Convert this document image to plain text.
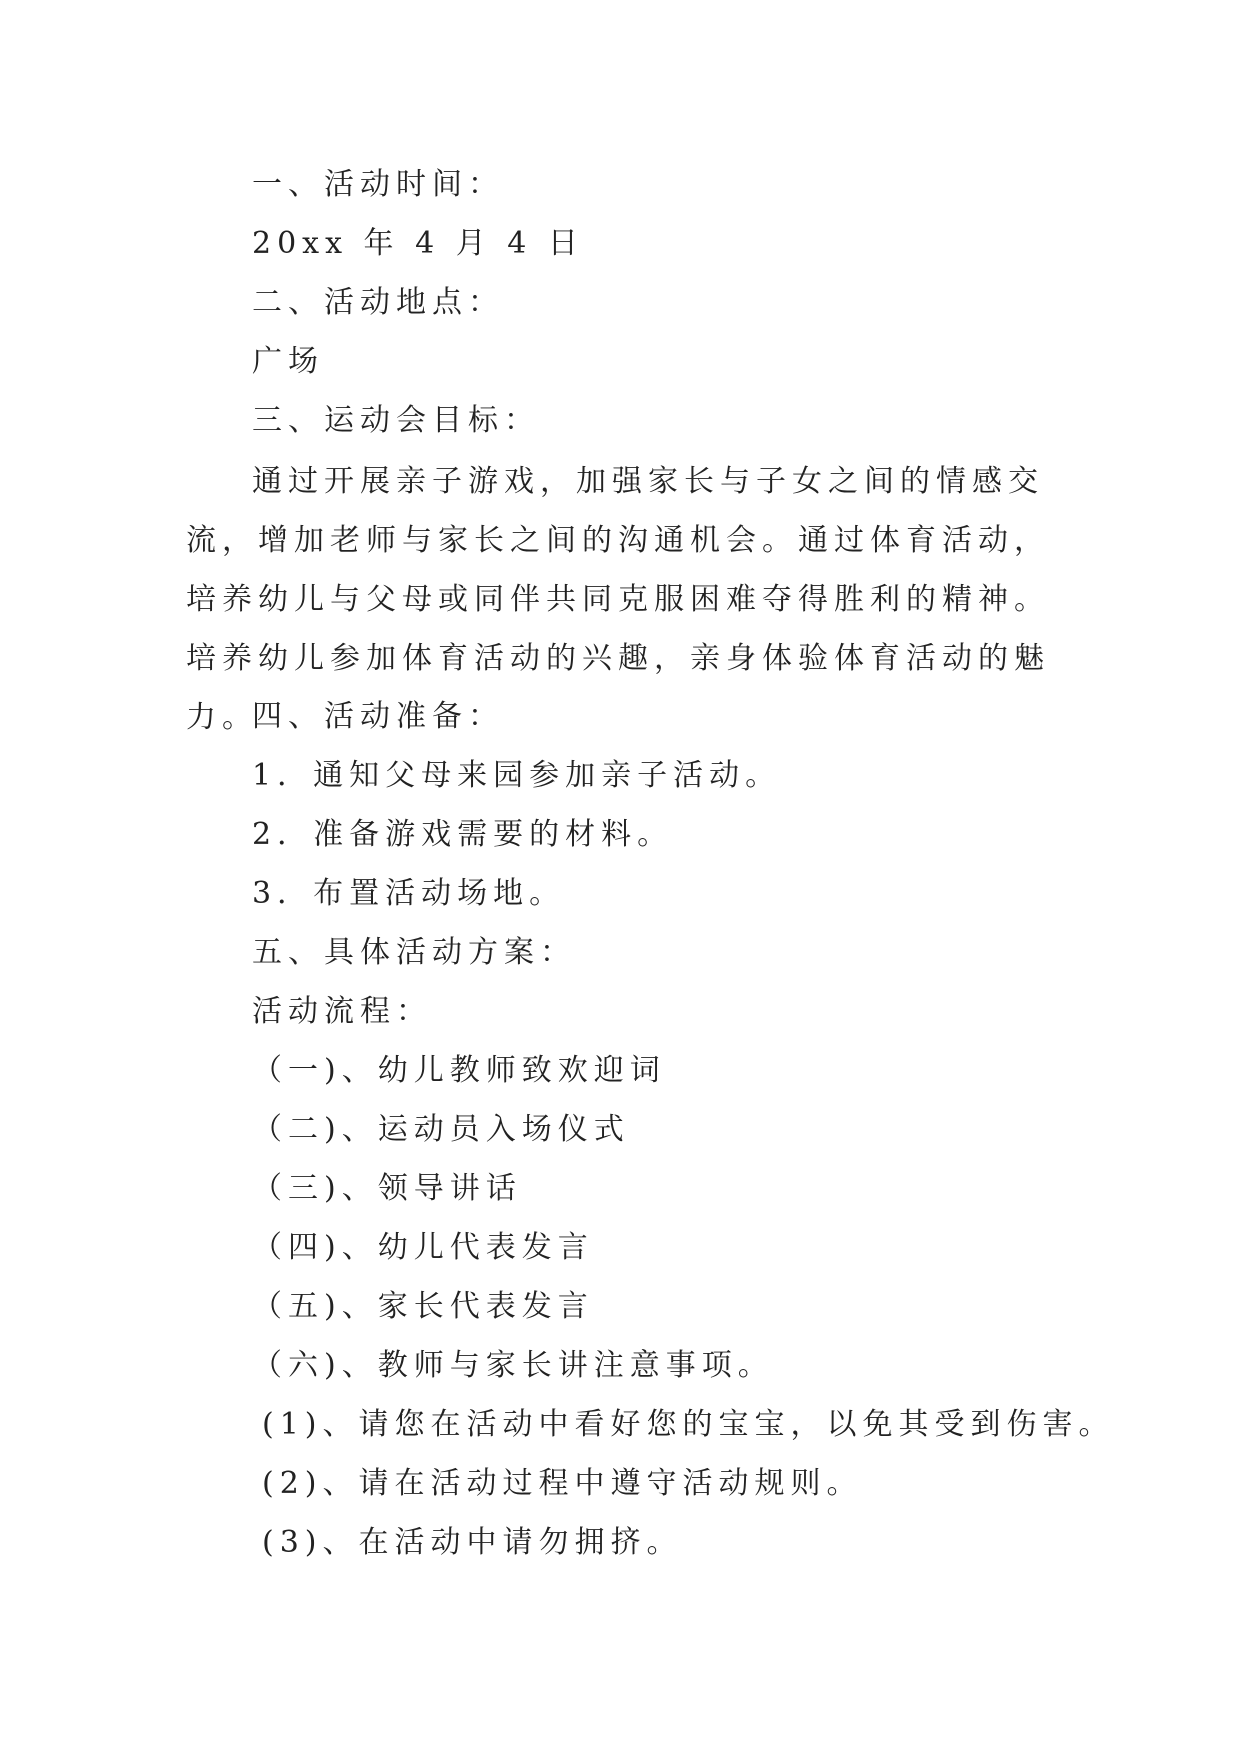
一、活动时间：
20xx 年 4 月 4 日
二、活动地点：
广场
三、运动会目标：
通过开展亲子游戏，加强家长与子女之间的情感交流，增加老师与家长之间的沟通机会。通过体育活动，培养幼儿与父母或同伴共同克服困难夺得胜利的精神。培养幼儿参加体育活动的兴趣，亲身体验体育活动的魅力。
四、活动准备：
1．通知父母来园参加亲子活动。
2．准备游戏需要的材料。
3．布置活动场地。
五、具体活动方案：
活动流程：
（一)、幼儿教师致欢迎词
（二)、运动员入场仪式
（三)、领导讲话
（四)、幼儿代表发言
（五)、家长代表发言
（六)、教师与家长讲注意事项。
(1)、请您在活动中看好您的宝宝，以免其受到伤害。
(2)、请在活动过程中遵守活动规则。
(3)、在活动中请勿拥挤。
